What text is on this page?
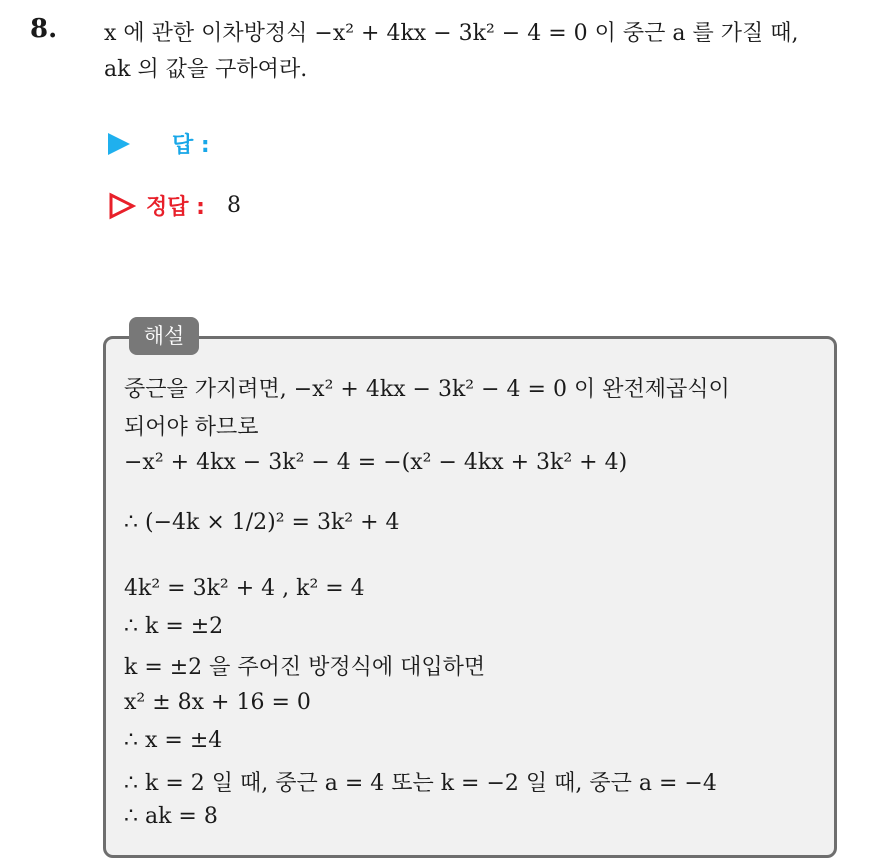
8. x 에 관한 이차방정식 −x² + 4kx − 3k² − 4 = 0 이 중근 a 를 가질 때,
ak 의 값을 구하여라.
답 :
정답 : 8
해설
중근을 가지려면, −x² + 4kx − 3k² − 4 = 0 이 완전제곱식이
되어야 하므로
−x² + 4kx − 3k² − 4 = −(x² − 4kx + 3k² + 4)
∴ (−4k × 1/2)² = 3k² + 4
4k² = 3k² + 4 , k² = 4
∴ k = ±2
k = ±2 을 주어진 방정식에 대입하면
x² ± 8x + 16 = 0
∴ x = ±4
∴ k = 2 일 때, 중근 a = 4 또는 k = −2 일 때, 중근 a = −4
∴ ak = 8
